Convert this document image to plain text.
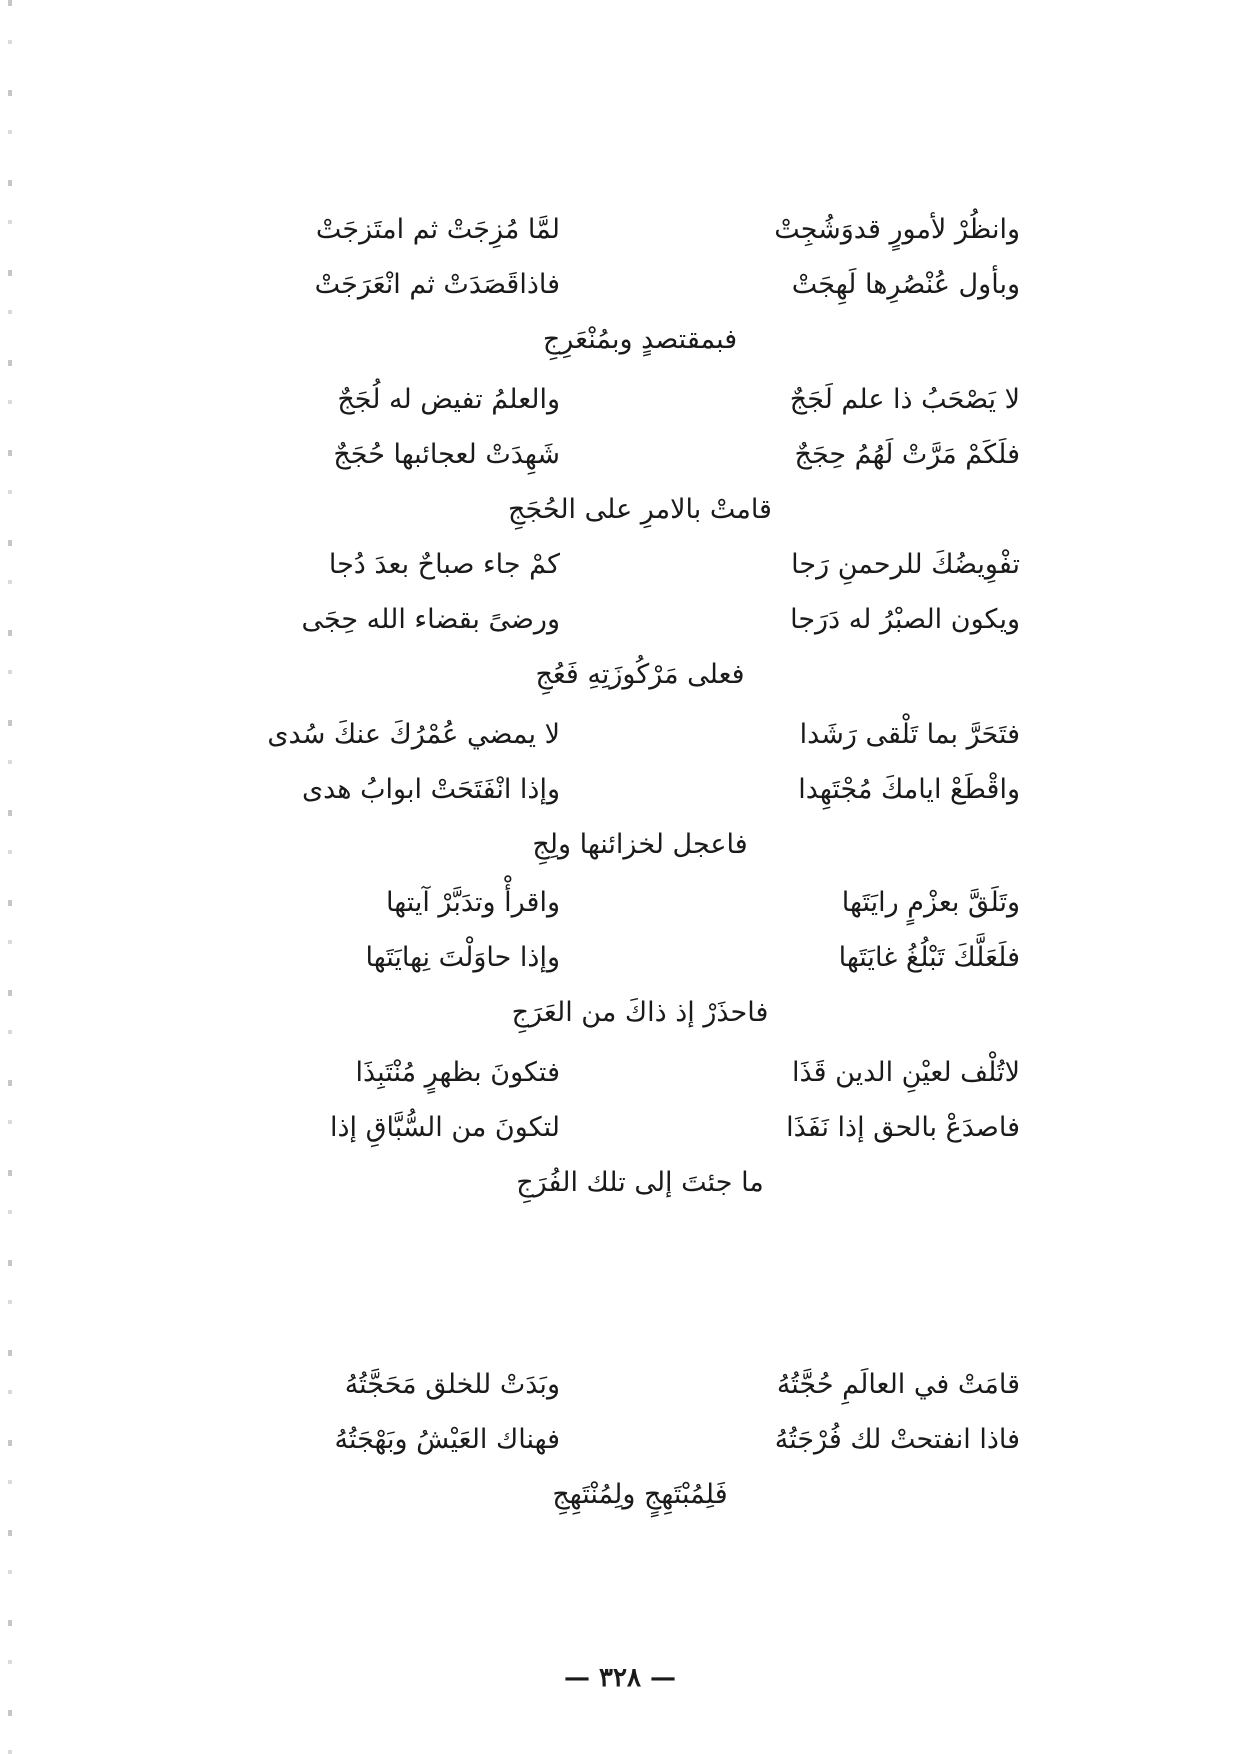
وانظُرْ لأمورٍ قدوَشُجِتْ
لمَّا مُزِجَتْ ثم امتَزجَتْ
وبأول عُنْصُرِها لَهِجَتْ
فاذاقَصَدَتْ ثم انْعَرَجَتْ
فبمقتصدٍ وبمُنْعَرِجِ
لا يَصْحَبُ ذا علم لَجَجٌ
والعلمُ تفيض له لُجَجٌ
فلَكَمْ مَرَّتْ لَهُمُ حِجَجٌ
شَهِدَتْ لعجائبها حُجَجٌ
قامتْ بالامرِ على الحُجَجِ
تفْوِيضُكَ للرحمنِ رَجا
كمْ جاء صباحٌ بعدَ دُجا
ويكون الصبْرُ له دَرَجا
ورضىً بقضاء الله حِجَى
فعلى مَرْكُوزَتِهِ فَعُجِ
فتَحَرَّ بما تَلْقى رَشَدا
لا يمضي عُمْرُكَ عنكَ سُدى
واقْطَعْ ايامكَ مُجْتَهِدا
وإذا انْفَتَحَتْ ابوابُ هدى
فاعجل لخزائنها ولِجِ
وتَلَقَّ بعزْمٍ رايَتَها
واقرأْ وتدَبَّرْ آيتها
فلَعَلَّكَ تَبْلُغُ غايَتَها
وإذا حاوَلْتَ نِهايَتَها
فاحذَرْ إذ ذاكَ من العَرَجِ
لاتُلْف لعيْنِ الدين قَذَا
فتكونَ بظهرٍ مُنْتَبِذَا
فاصدَعْ بالحق إذا نَفَذَا
لتكونَ من السُّبَّاقِ إذا
ما جئتَ إلى تلك الفُرَجِ
قامَتْ في العالَمِ حُجَّتُهُ
وبَدَتْ للخلق مَحَجَّتُهُ
فاذا انفتحتْ لك فُرْجَتُهُ
فهناك العَيْشُ وبَهْجَتُهُ
فَلِمُبْتَهِجٍ ولِمُنْتَهِجِ
— ٣٢٨ —
